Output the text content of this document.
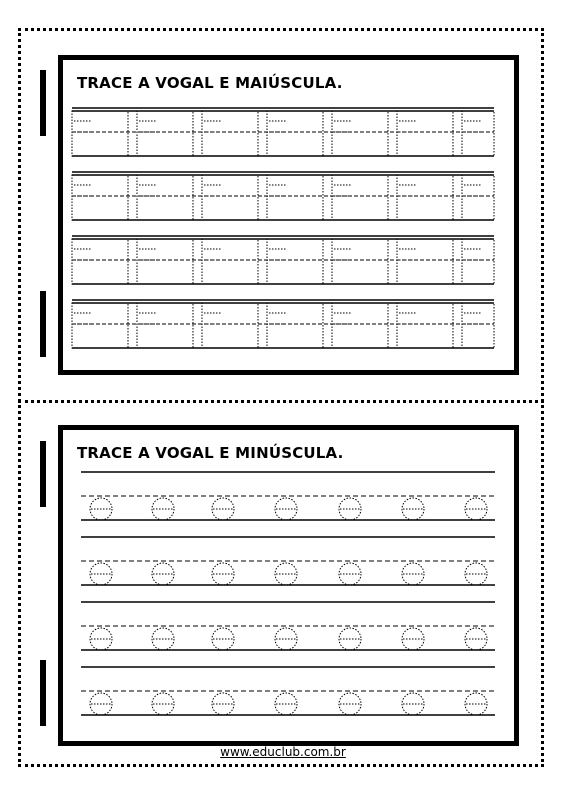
TRACE A VOGAL E MAIÚSCULA.
TRACE A VOGAL E MINÚSCULA.
www.educlub.com.br
